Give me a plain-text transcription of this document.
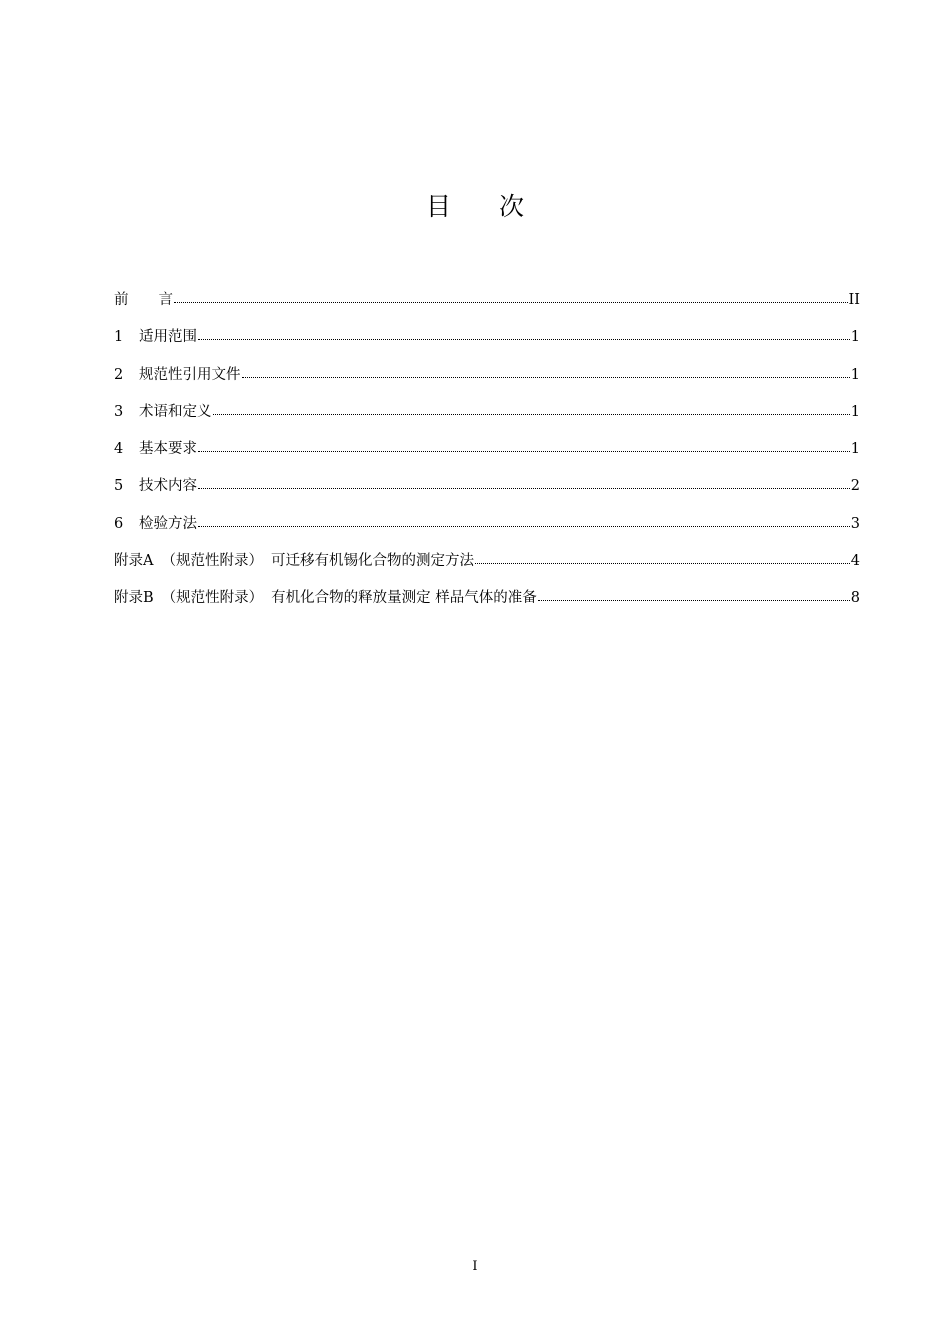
目 次
前 言	II
1	适用范围	1
2	规范性引用文件	1
3	术语和定义	1
4	基本要求	1
5	技术内容	2
6	检验方法	3
附录A （规范性附录） 可迁移有机锡化合物的测定方法	4
附录B （规范性附录） 有机化合物的释放量测定 样品气体的准备	8
I
